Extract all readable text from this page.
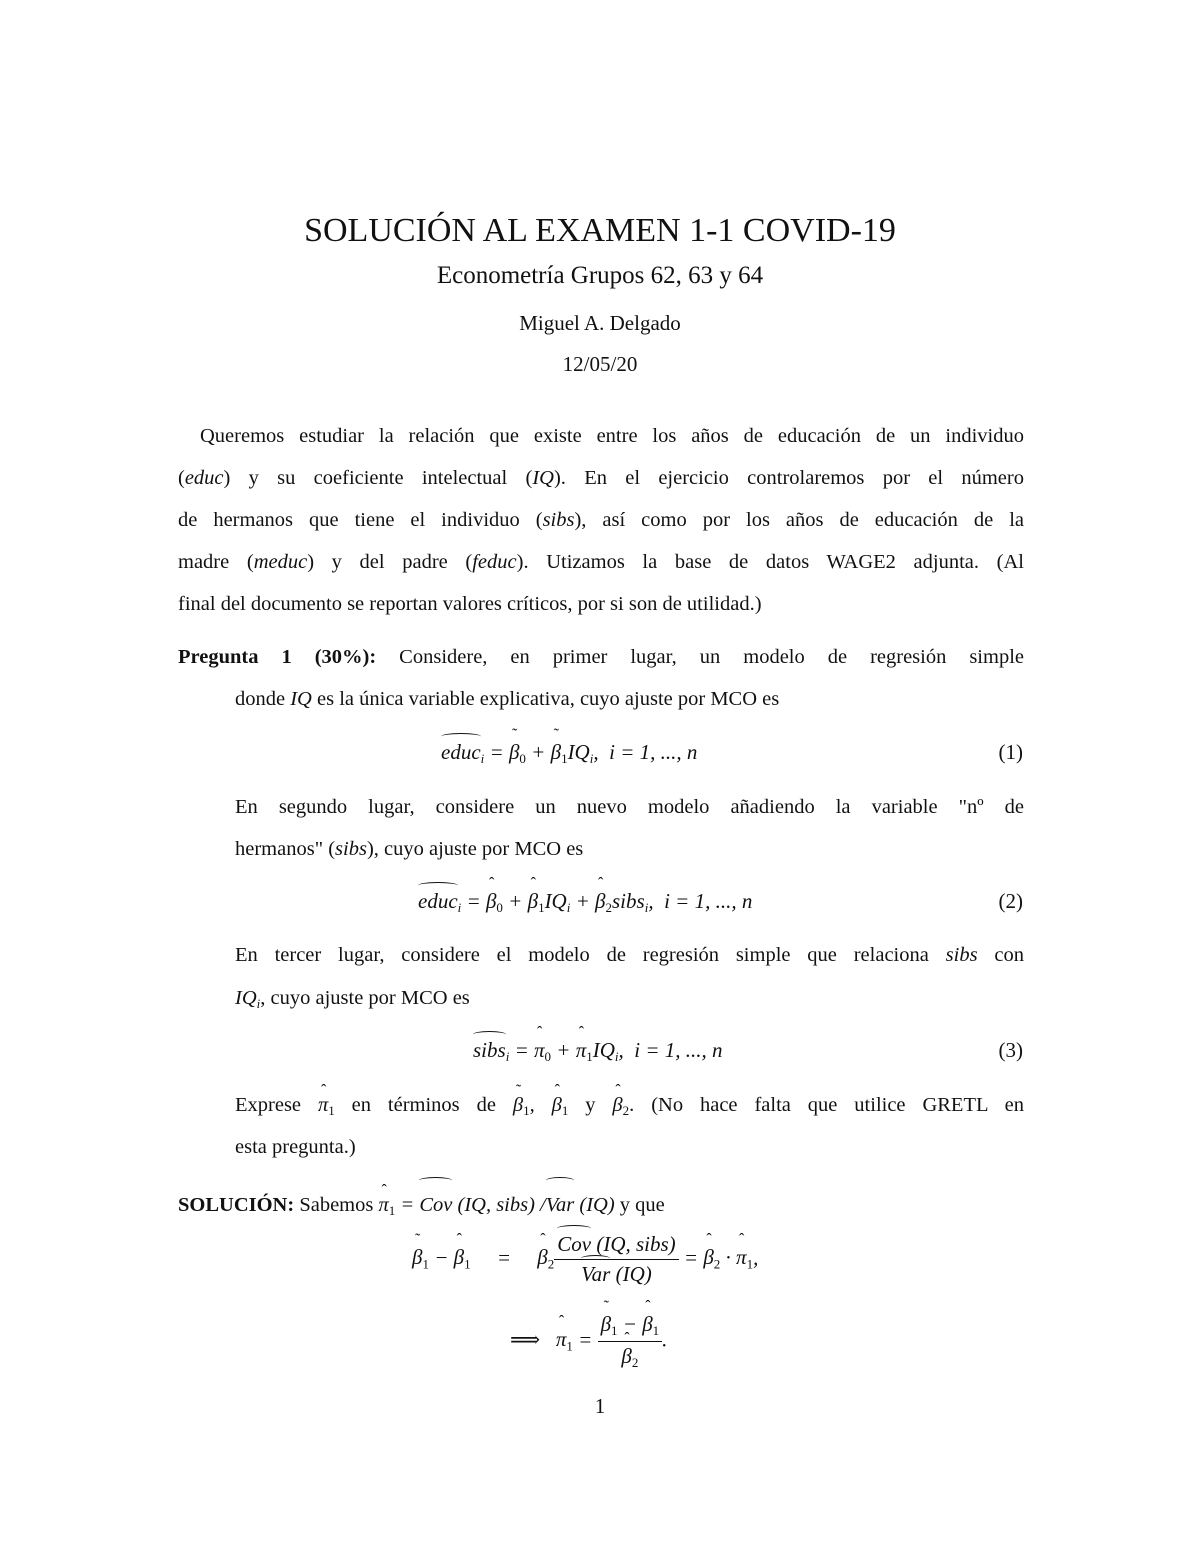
SOLUCIÓN AL EXAMEN 1-1 COVID-19
Econometría Grupos 62, 63 y 64
Miguel A. Delgado
12/05/20

Queremos estudiar la relación que existe entre los años de educación de un individuo

(educ) y su coeficiente intelectual (IQ). En el ejercicio controlaremos por el número

de hermanos que tiene el individuo (sibs), así como por los años de educación de la

madre (meduc) y del padre (feduc). Utizamos la base de datos WAGE2 adjunta. (Al

final del documento se reportan valores críticos, por si son de utilidad.)

Pregunta 1 (30%): Considere, en primer lugar, un modelo de regresión simple
donde IQ es la única variable explicativa, cuyo ajuste por MCO es
educ$_i$ = ˜ $\beta_0$ + ˜ $\beta_1IQ_i$,  i = 1, ..., n	(1)
En segundo lugar, considere un nuevo modelo añadiendo la variable "nº de
hermanos" (sibs), cuyo ajuste por MCO es
educ$_i$ = ˆ $\beta_0$ + ˆ $\beta_1IQ_i$ + ˆ $\beta_2sibs_i$,  i = 1, ..., n	(2)
En tercer lugar, considere el modelo de regresión simple que relaciona sibs con
$IQ_i$, cuyo ajuste por MCO es
sibs$_i$ = ˆ $\pi_0$ + ˆ $\pi_1IQ_i$,  i = 1, ..., n	(3)
Exprese ˆ $\pi_1$ en términos de ˜ $\beta_1$, ˆ $\beta_1$ y ˆ $\beta_2$. (No hace falta que utilice GRETL en
esta pregunta.)
SOLUCIÓN: Sabemos ˆ $\pi_1$ = Cov (IQ, sibs) /Var (IQ) y que
˜ $\beta_1$ − ˆ $\beta_1$     =     ˆ $\beta_2 \frac{\text{Cov (IQ, sibs)}}{\text{Var (IQ)}}$ = ˆ $\beta_2$ · ˆ $\pi_1$,
⟹ ˆ $\pi_1$ = ˜ $\beta_1$ − ˆ $\beta_1$
ˆ $\beta_2$ .
1
